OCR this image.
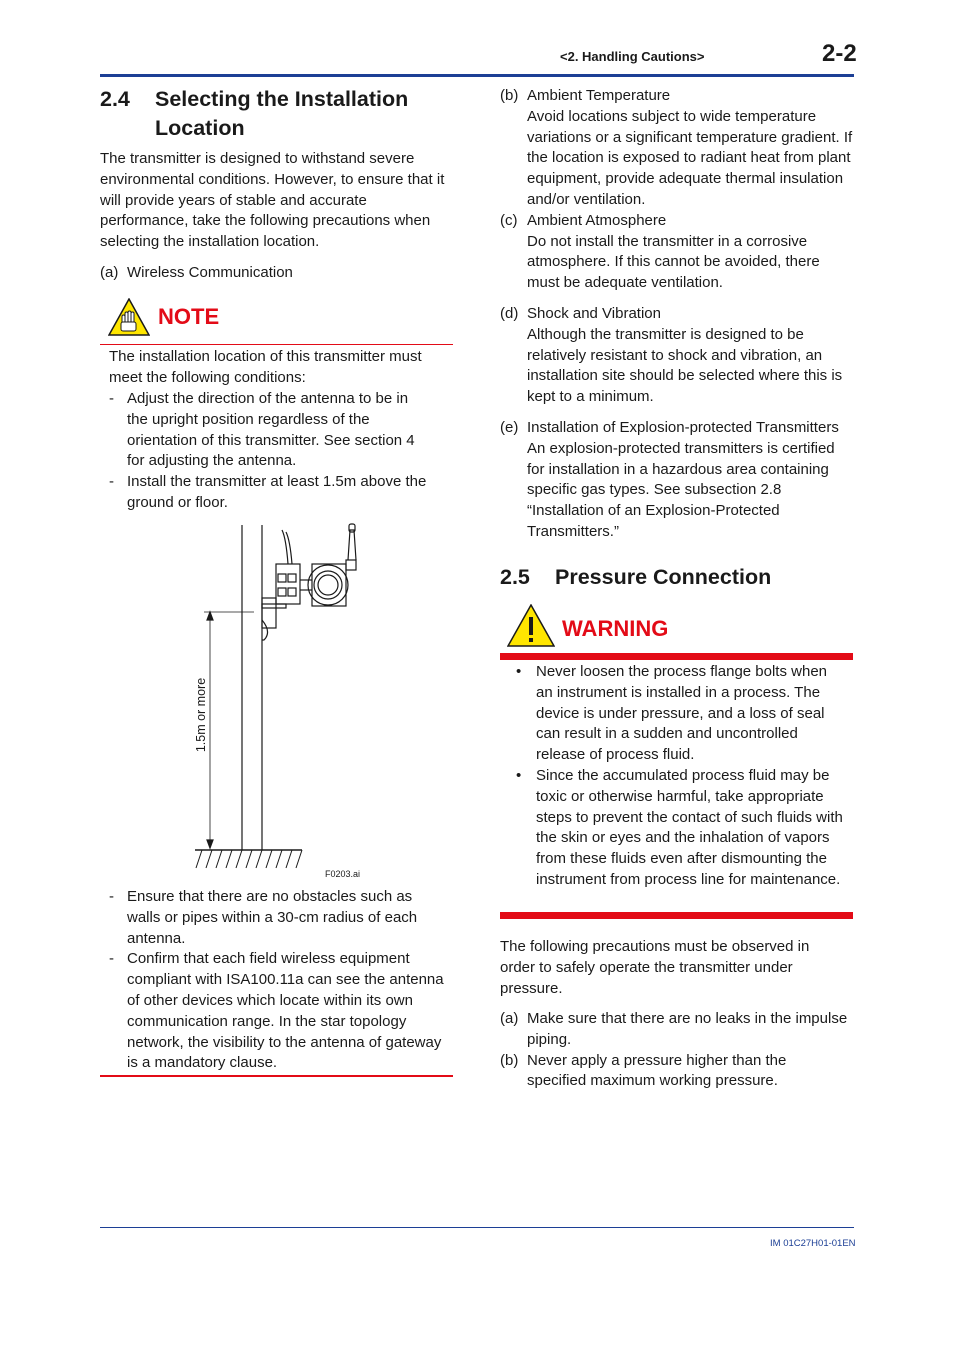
<2. Handling Cautions>	2-2
2.4 Selecting the Installation
Location

The transmitter is designed to withstand severe environmental conditions. However, to ensure that it will provide years of stable and accurate performance, take the following precautions when selecting the installation location.

(a) Wireless Communication
NOTE

The installation location of this transmitter must meet the following conditions:

- Adjust the direction of the antenna to be in the upright position regardless of the orientation of this transmitter. See section 4 for adjusting the antenna.
- Install the transmitter at least 1.5m above the ground or floor.
1.5m or more
F0203.ai
- Ensure that there are no obstacles such as walls or pipes within a 30-cm radius of each antenna.
- Confirm that each field wireless equipment compliant with ISA100.11a can see the antenna of other devices which locate within its own communication range. In the star topology network, the visibility to the antenna of gateway is a mandatory clause.
(b) Ambient Temperature
Avoid locations subject to wide temperature variations or a significant temperature gradient. If the location is exposed to radiant heat from plant equipment, provide adequate thermal insulation and/or ventilation.
(c) Ambient Atmosphere
Do not install the transmitter in a corrosive atmosphere. If this cannot be avoided, there must be adequate ventilation.
(d) Shock and Vibration
Although the transmitter is designed to be relatively resistant to shock and vibration, an installation site should be selected where this is kept to a minimum.
(e) Installation of Explosion-protected Transmitters
An explosion-protected transmitters is certified for installation in a hazardous area containing specific gas types. See subsection 2.8 “Installation of an Explosion-Protected Transmitters.”
2.5 Pressure Connection
WARNING
• Never loosen the process flange bolts when an instrument is installed in a process. The device is under pressure, and a loss of seal can result in a sudden and uncontrolled release of process fluid.
• Since the accumulated process fluid may be toxic or otherwise harmful, take appropriate steps to prevent the contact of such fluids with the skin or eyes and the inhalation of vapors from these fluids even after dismounting the instrument from process line for maintenance.

The following precautions must be observed in order to safely operate the transmitter under pressure.

(a) Make sure that there are no leaks in the impulse piping.
(b) Never apply a pressure higher than the specified maximum working pressure.
IM 01C27H01-01EN
